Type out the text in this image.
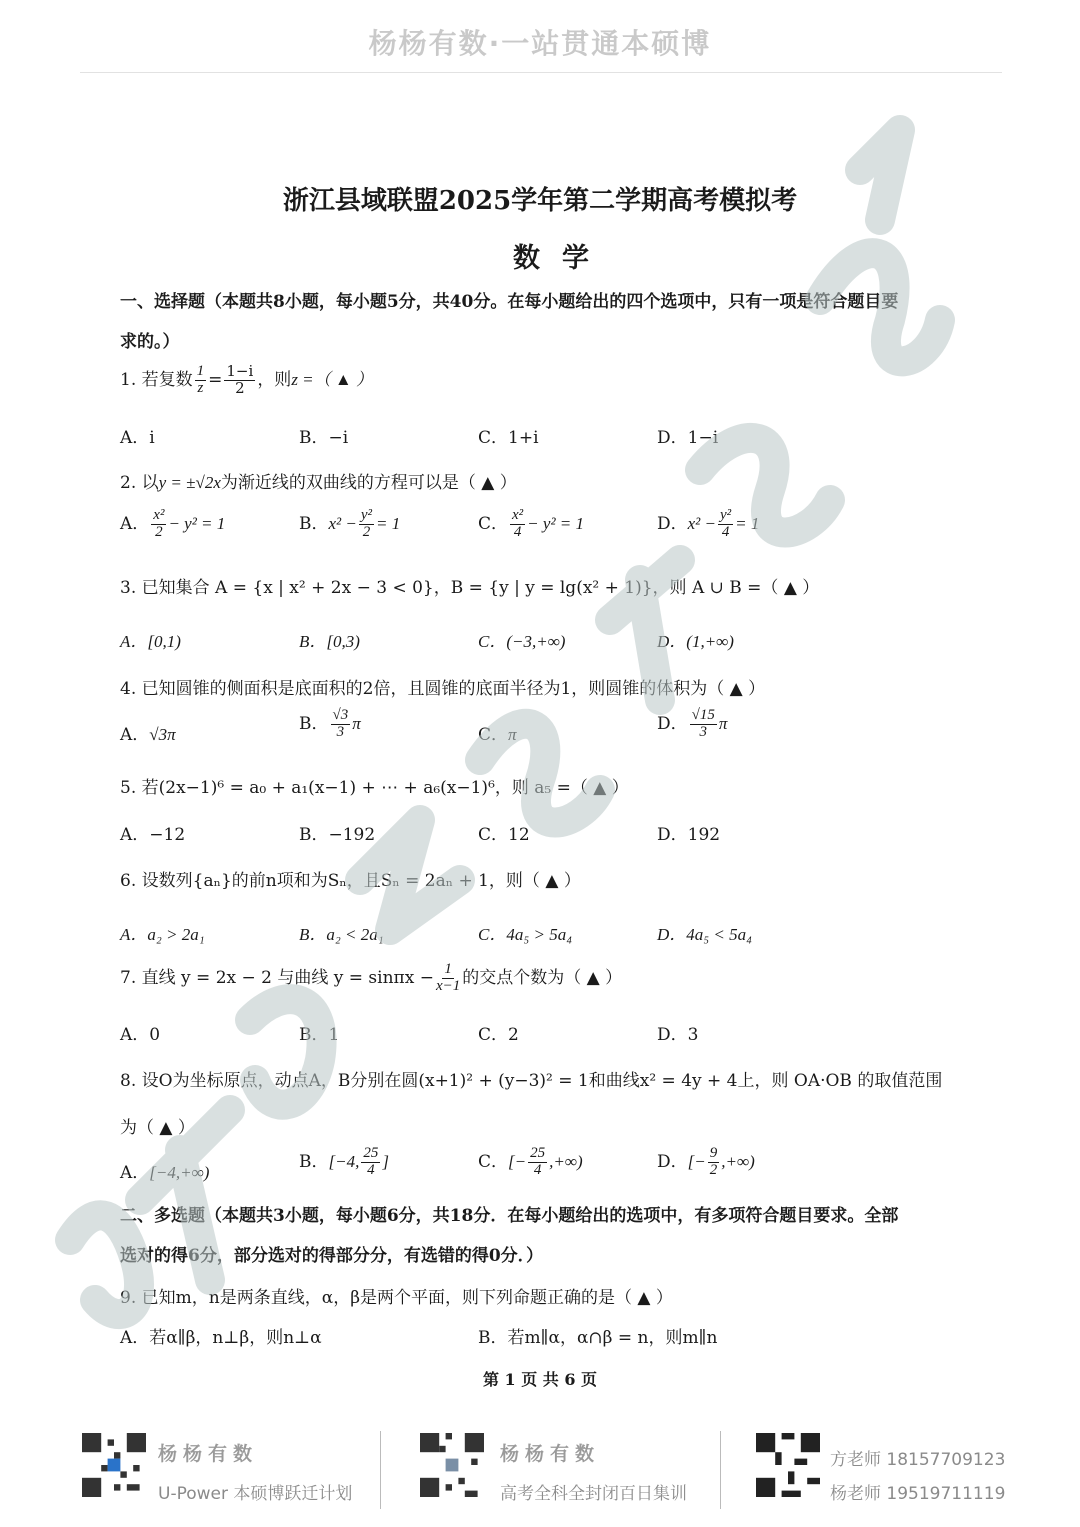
杨杨有数·一站贯通本硕博
浙江县域联盟2025学年第二学期高考模拟考
数学
一、选择题（本题共8小题，每小题5分，共40分。在每小题给出的四个选项中，只有一项是符合题目要
求的。）
1. 若复数 $\frac{1}{z} = \frac{1-i}{2}$ ，则z =（ ▲ ）
A．i	B．−i	C．1+i	D．1−i
2. 以y = ±√2x为渐近线的双曲线的方程可以是（ ▲ ）
A． $\frac{\text{x²}}{2} - y^2 = 1$	B．$x^2 - \frac{\text{y²}}{2} = 1$	C． $\frac{\text{x²}}{4} - y^2 = 1$	D．$x^2 - \frac{\text{y²}}{4} = 1$
3. 已知集合 A = {x | x² + 2x − 3 < 0}，B = {y | y = lg(x² + 1)}，则 A ∪ B =（ ▲ ）
A．[0,1)	B．[0,3)	C．(−3,+∞)	D．(1,+∞)
4. 已知圆锥的侧面积是底面积的2倍，且圆锥的底面半径为1，则圆锥的体积为（ ▲ ）
A．√3π
B． $\frac{√3}{3}$ π
C．π
D． $\frac{√15}{3}$ π
5. 若(2x−1)⁶ = a₀ + a₁(x−1) + ⋯ + a₆(x−1)⁶，则 a₅ =（ ▲ ）
A．−12	B．−192	C．12	D．192
6. 设数列{aₙ}的前n项和为Sₙ，且Sₙ = 2aₙ + 1，则（ ▲ ）
A．a₂ > 2a₁	B．a₂ < 2a₁	C．4a₅ > 5a₄	D．4a₅ < 5a₄
7. 直线 y = 2x − 2 与曲线 $y = \sin\pi x - \frac{1}{x-1}$ 的交点个数为（ ▲ ）
A．0	B．1	C．2	D．3
8. 设O为坐标原点，动点A，B分别在圆(x+1)² + (y−3)² = 1和曲线x² = 4y + 4上，则 OA·OB 的取值范围
为（ ▲ ）
A．[−4,+∞)
B．[−4, $\frac{25}{4}$ ]	C．[− $\frac{25}{4}$ ,+∞)	D．[− $\frac{9}{2}$ ,+∞)
二、多选题（本题共3小题，每小题6分，共18分．在每小题给出的选项中，有多项符合题目要求。全部
选对的得6分，部分选对的得部分分，有选错的得0分．）
9. 已知m，n是两条直线，α，β是两个平面，则下列命题正确的是（ ▲ ）
A．若α∥β，n⊥β，则n⊥α	B．若m∥α，α∩β = n，则m∥n
第 1 页 共 6 页
杨杨有数
U-Power 本硕博跃迁计划
杨杨有数
高考全科全封闭百日集训
方老师 18157709123
杨老师 19519711119
